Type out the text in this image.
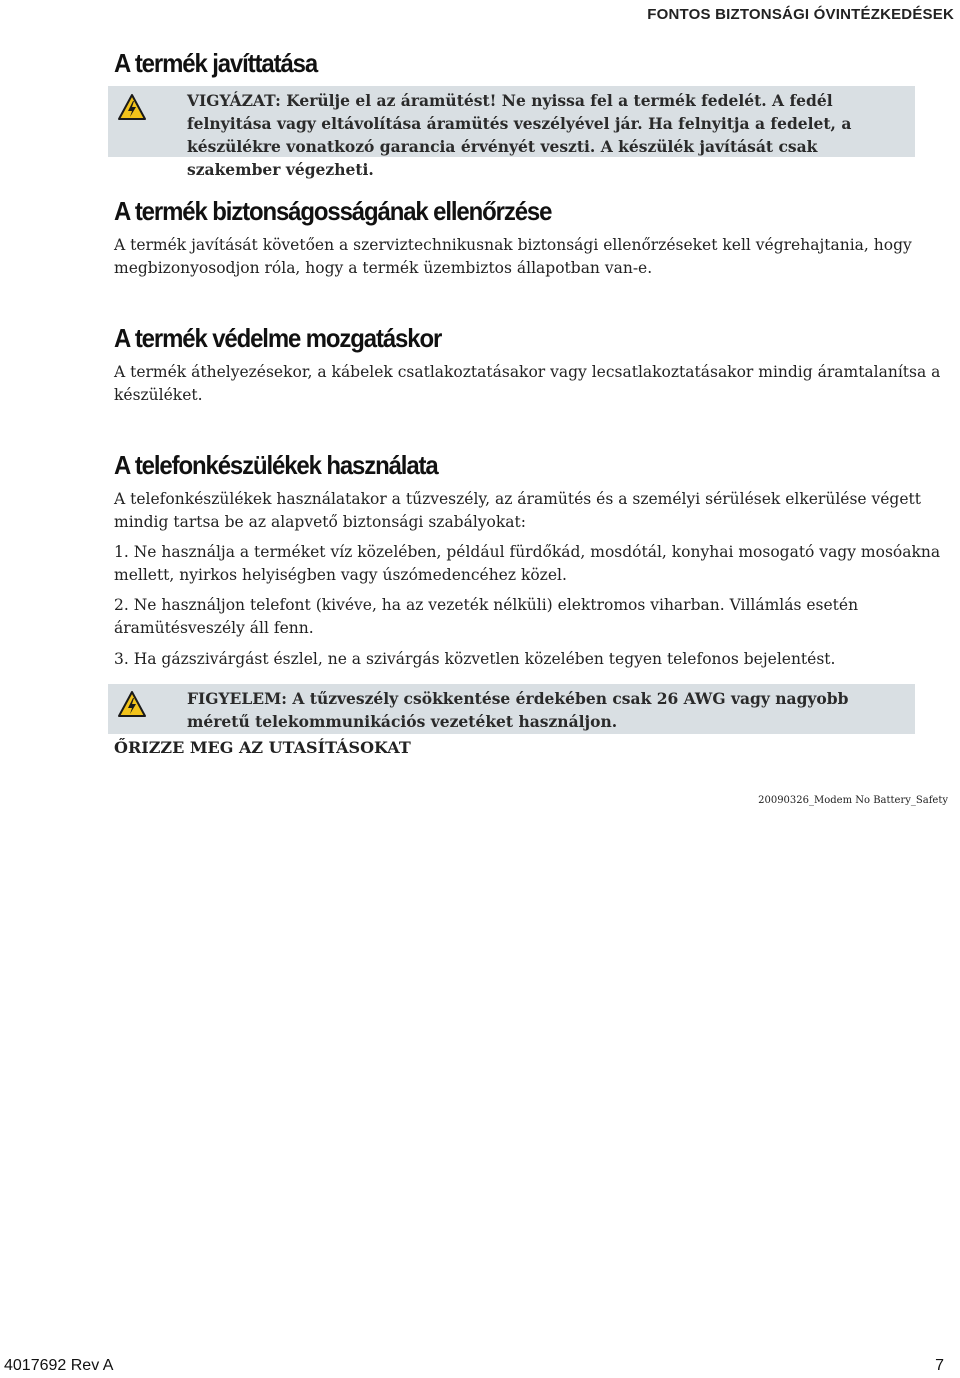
FONTOS BIZTONSÁGI ÓVINTÉZKEDÉSEK
A termék javíttatása
VIGYÁZAT: Kerülje el az áramütést! Ne nyissa fel a termék fedelét. A fedél felnyitása vagy eltávolítása áramütés veszélyével jár. Ha felnyitja a fedelet, a készülékre vonatkozó garancia érvényét veszti. A készülék javítását csak szakember végezheti.
A termék biztonságosságának ellenőrzése

A termék javítását követően a szerviztechnikusnak biztonsági ellenőrzéseket kell végrehajtania, hogy megbizonyosodjon róla, hogy a termék üzembiztos állapotban van-e.

A termék védelme mozgatáskor

A termék áthelyezésekor, a kábelek csatlakoztatásakor vagy lecsatlakoztatásakor mindig áramtalanítsa a készüléket.

A telefonkészülékek használata

A telefonkészülékek használatakor a tűzveszély, az áramütés és a személyi sérülések elkerülése végett mindig tartsa be az alapvető biztonsági szabályokat:

1. Ne használja a terméket víz közelében, például fürdőkád, mosdótál, konyhai mosogató vagy mosóakna mellett, nyirkos helyiségben vagy úszómedencéhez közel.

2. Ne használjon telefont (kivéve, ha az vezeték nélküli) elektromos viharban. Villámlás esetén áramütésveszély áll fenn.

3. Ha gázszivárgást észlel, ne a szivárgás közvetlen közelében tegyen telefonos bejelentést.

FIGYELEM: A tűzveszély csökkentése érdekében csak 26 AWG vagy nagyobb méretű telekommunikációs vezetéket használjon.
ŐRIZZE MEG AZ UTASÍTÁSOKAT
20090326_Modem No Battery_Safety
4017692 Rev A	7
